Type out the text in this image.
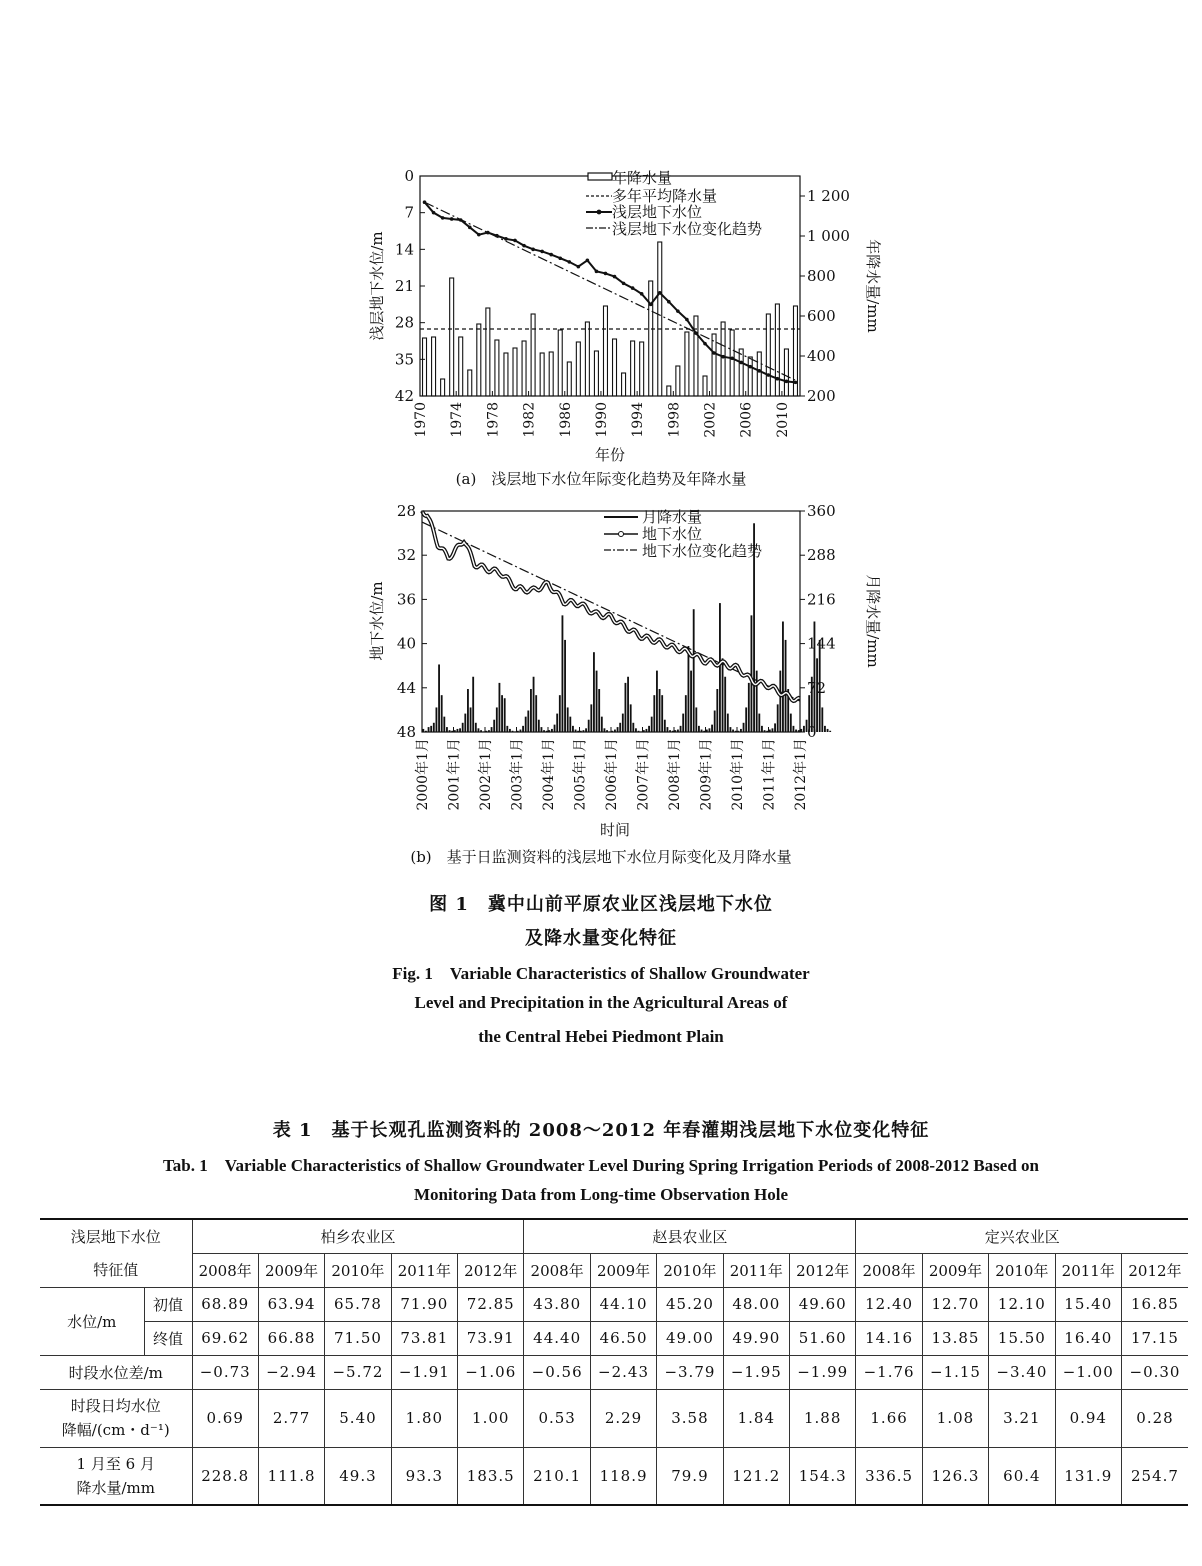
0
7
14
21
28
35
42	200
400
600
800
1 000
1 200
1970 1974 1978 1982 1986 1990 1994 1998 2002 2006 2010
浅层地下水位/m	年降水量/mm
年份
年降水量
多年平均降水量
浅层地下水位
浅层地下水位变化趋势
(a)　浅层地下水位年际变化趋势及年降水量
28
32
36
40
44
48	0
72
144
216
288
360
2000年1月 2001年1月 2002年1月 2003年1月 2004年1月 2005年1月 2006年1月 2007年1月 2008年1月 2009年1月 2010年1月 2011年1月 2012年1月
地下水位/m	月降水量/mm
时间
月降水量
地下水位
地下水位变化趋势
(b)　基于日监测资料的浅层地下水位月际变化及月降水量
图 1　冀中山前平原农业区浅层地下水位
及降水量变化特征
Fig. 1　Variable Characteristics of Shallow Groundwater
Level and Precipitation in the Agricultural Areas of
the Central Hebei Piedmont Plain
表 1　基于长观孔监测资料的 2008～2012 年春灌期浅层地下水位变化特征
Tab. 1　Variable Characteristics of Shallow Groundwater Level During Spring Irrigation Periods of 2008-2012 Based on
Monitoring Data from Long-time Observation Hole
浅层地下水位		柏乡农业区					赵县农业区					定兴农业区				
特征值		2008年	2009年	2010年	2011年	2012年	2008年	2009年	2010年	2011年	2012年	2008年	2009年	2010年	2011年	2012年
水位/m	初值	68.89	63.94	65.78	71.90	72.85	43.80	44.10	45.20	48.00	49.60	12.40	12.70	12.10	15.40	16.85
	终值	69.62	66.88	71.50	73.81	73.91	44.40	46.50	49.00	49.90	51.60	14.16	13.85	15.50	16.40	17.15
时段水位差/m		−0.73	−2.94	−5.72	−1.91	−1.06	−0.56	−2.43	−3.79	−1.95	−1.99	−1.76	−1.15	−3.40	−1.00	−0.30
时段日均水位
降幅/(cm・d⁻¹)		0.69	2.77	5.40	1.80	1.00	0.53	2.29	3.58	1.84	1.88	1.66	1.08	3.21	0.94	0.28
1 月至 6 月
降水量/mm		228.8	111.8	49.3	93.3	183.5	210.1	118.9	79.9	121.2	154.3	336.5	126.3	60.4	131.9	254.7
